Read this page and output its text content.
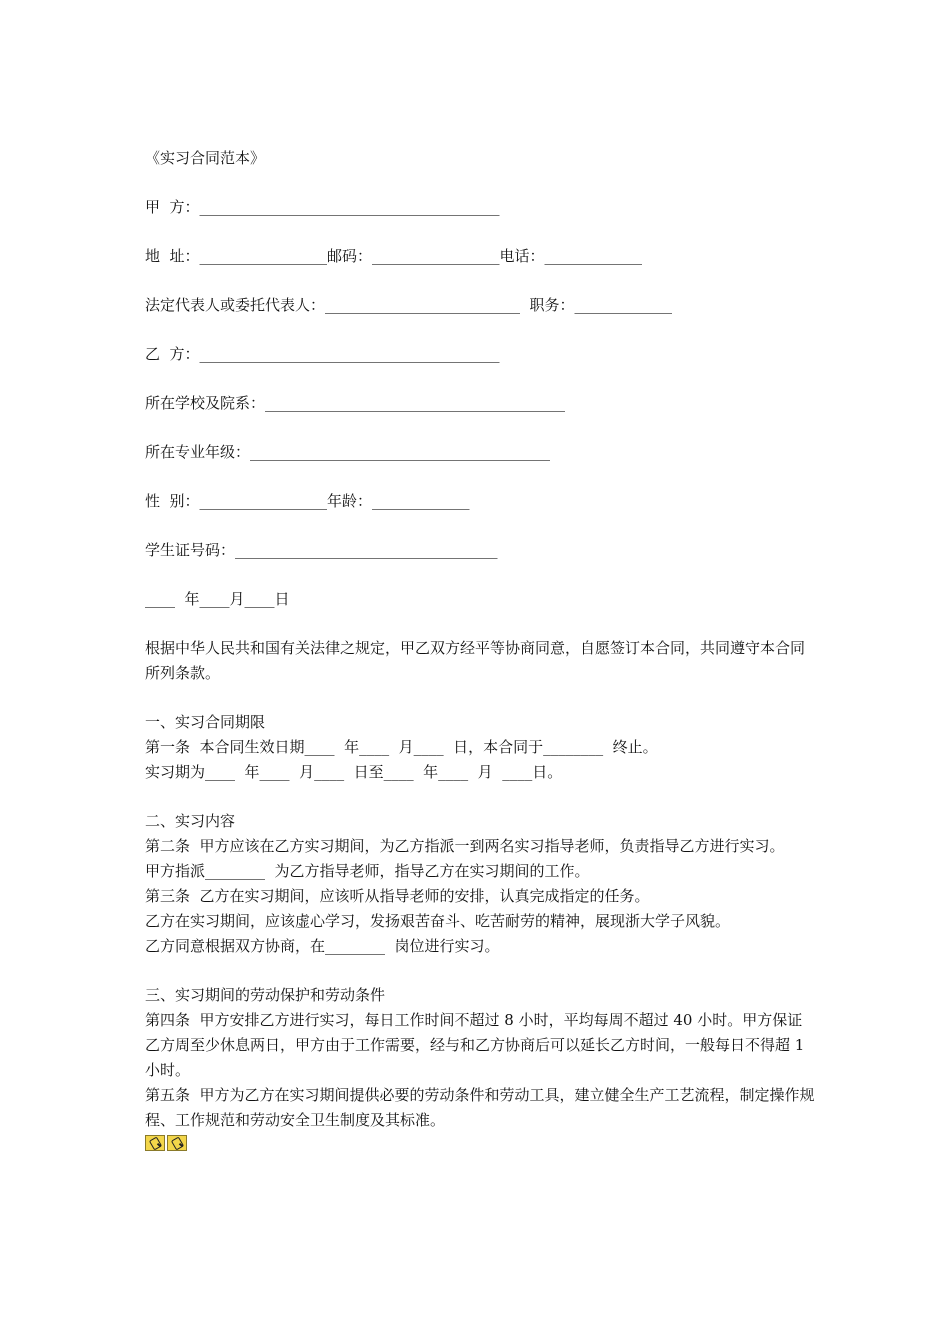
《实习合同范本》
甲  方：________________________________________
地  址：_________________邮码：_________________电话：_____________
法定代表人或委托代表人：__________________________  职务：_____________
乙  方：________________________________________
所在学校及院系：________________________________________
所在专业年级：________________________________________
性  别：_________________年龄：_____________
学生证号码：___________________________________
____  年____月____日
根据中华人民共和国有关法律之规定，甲乙双方经平等协商同意，自愿签订本合同，共同遵守本合同所列条款。
一、实习合同期限
第一条  本合同生效日期____  年____  月____  日，本合同于________  终止。
实习期为____  年____  月____  日至____  年____  月  ____日。
二、实习内容
第二条  甲方应该在乙方实习期间，为乙方指派一到两名实习指导老师，负责指导乙方进行实习。
甲方指派________  为乙方指导老师，指导乙方在实习期间的工作。
第三条  乙方在实习期间，应该听从指导老师的安排，认真完成指定的任务。
乙方在实习期间，应该虚心学习，发扬艰苦奋斗、吃苦耐劳的精神，展现浙大学子风貌。
乙方同意根据双方协商，在________  岗位进行实习。
三、实习期间的劳动保护和劳动条件
第四条  甲方安排乙方进行实习，每日工作时间不超过 8 小时，平均每周不超过 40 小时。甲方保证乙方周至少休息两日，甲方由于工作需要，经与和乙方协商后可以延长乙方时间，一般每日不得超 1 小时。
第五条  甲方为乙方在实习期间提供必要的劳动条件和劳动工具，建立健全生产工艺流程，制定操作规程、工作规范和劳动安全卫生制度及其标准。
